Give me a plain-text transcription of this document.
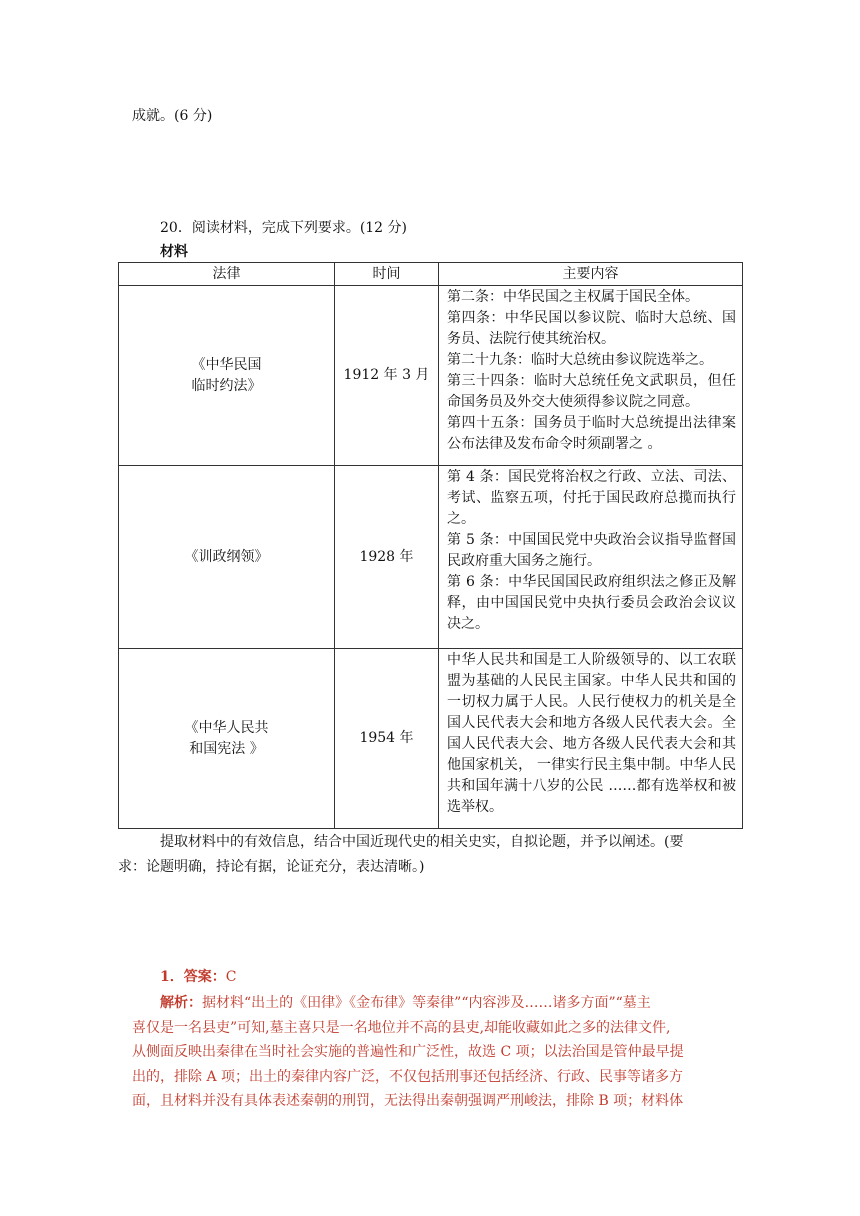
成就。(6 分)
20．阅读材料，完成下列要求。(12 分)
材料
法律	时间	主要内容
《中华民国
临时约法》	1912 年 3 月	第二条：中华民国之主权属于国民全体。
第四条：中华民国以参议院、临时大总统、国务员、法院行使其统治权。
第二十九条：临时大总统由参议院选举之。
第三十四条：临时大总统任免文武职员，但任命国务员及外交大使须得参议院之同意。
第四十五条：国务员于临时大总统提出法律案公布法律及发布命令时须副署之 。

《训政纲领》	1928 年	第 4 条：国民党将治权之行政、立法、司法、考试、监察五项，付托于国民政府总揽而执行之。
第 5 条：中国国民党中央政治会议指导监督国民政府重大国务之施行。
第 6 条：中华民国国民政府组织法之修正及解释，由中国国民党中央执行委员会政治会议议决之。

《中华人民共
和国宪法 》	1954 年	中华人民共和国是工人阶级领导的、以工农联盟为基础的人民民主国家。中华人民共和国的一切权力属于人民。人民行使权力的机关是全国人民代表大会和地方各级人民代表大会。全国人民代表大会、地方各级人民代表大会和其他国家机关， 一律实行民主集中制。中华人民共和国年满十八岁的公民 ……都有选举权和被选举权。
提取材料中的有效信息，结合中国近现代史的相关史实，自拟论题，并予以阐述。(要
求：论题明确，持论有据，论证充分，表达清晰。)
1．答案：C
解析：据材料“出土的《田律》《金布律》等秦律”“内容涉及……诸多方面”“墓主
喜仅是一名县吏”可知,墓主喜只是一名地位并不高的县吏,却能收藏如此之多的法律文件,
从侧面反映出秦律在当时社会实施的普遍性和广泛性，故选 C 项；以法治国是管仲最早提
出的，排除 A 项；出土的秦律内容广泛，不仅包括刑事还包括经济、行政、民事等诸多方
面，且材料并没有具体表述秦朝的刑罚，无法得出秦朝强调严刑峻法，排除 B 项；材料体
